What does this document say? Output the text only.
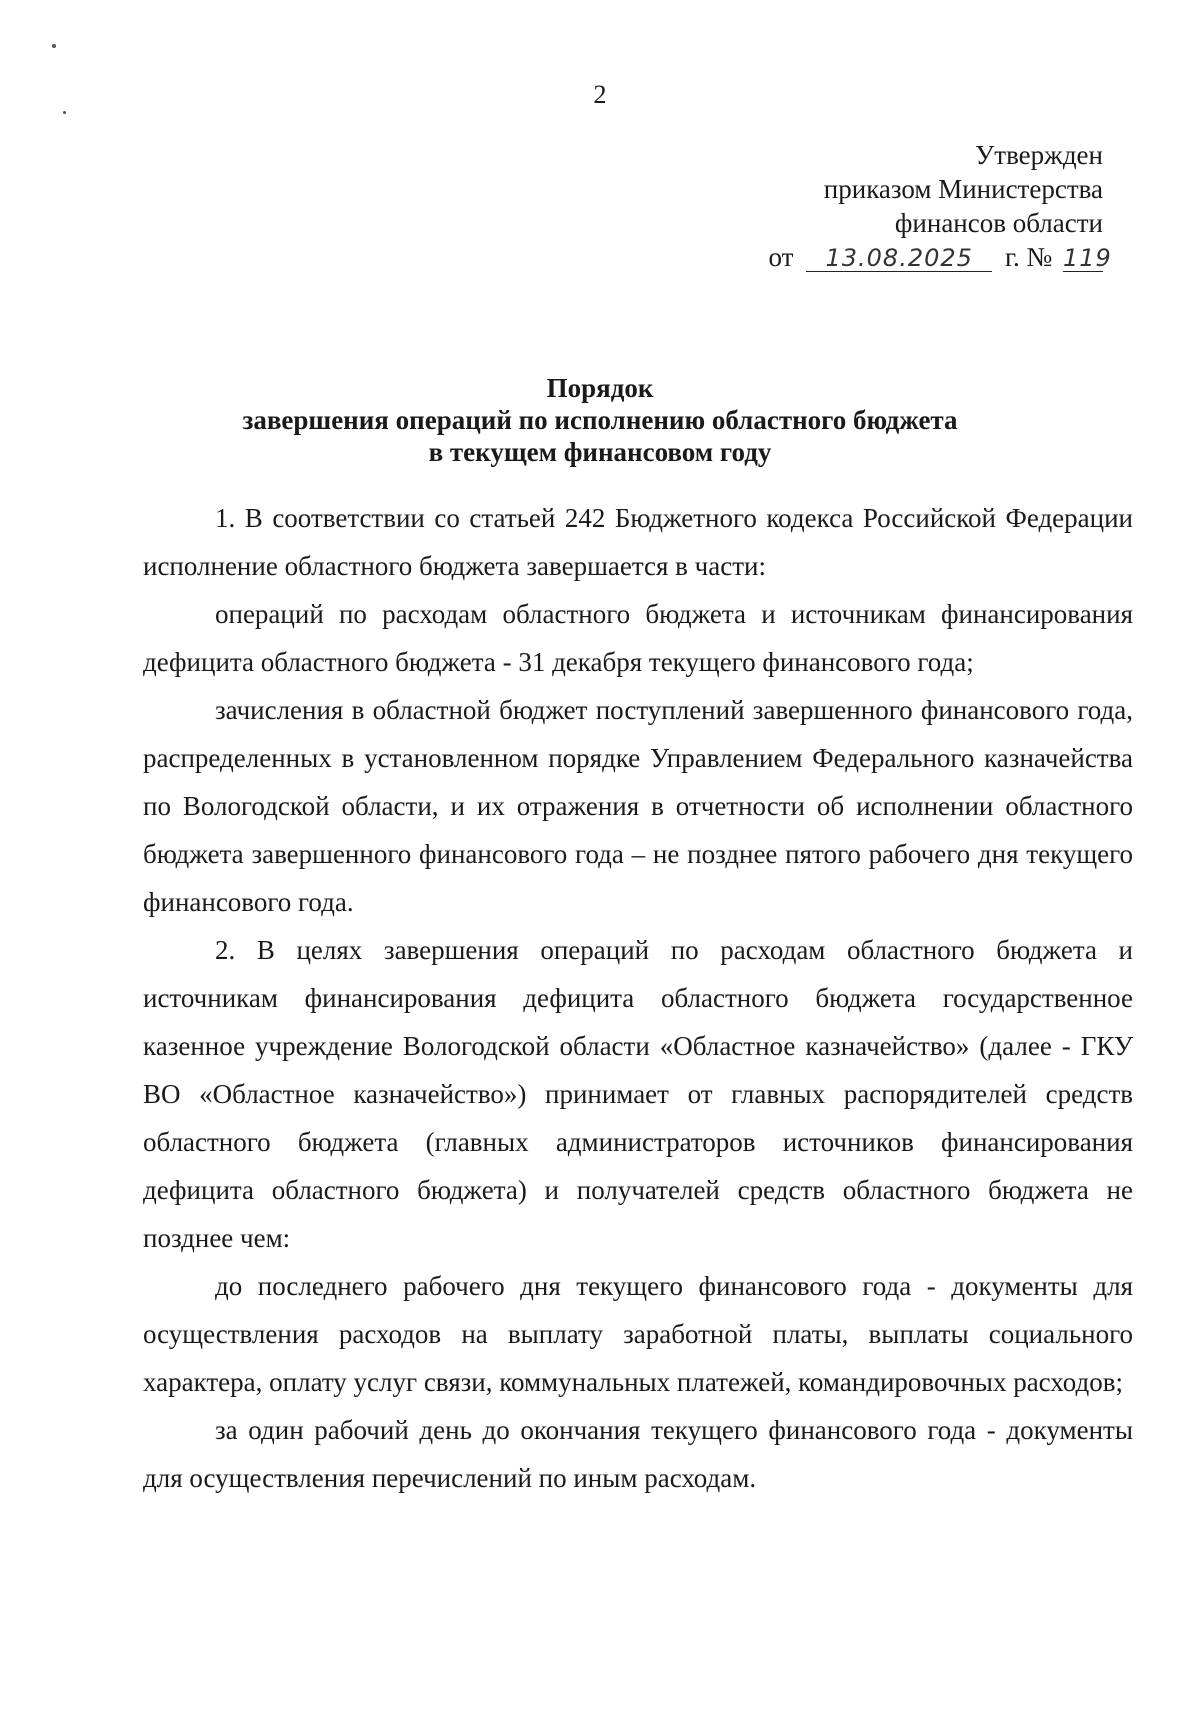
2
Утвержден
приказом Министерства
финансов области
от 13.08.2025 г. № 119
Порядок
завершения операций по исполнению областного бюджета
в текущем финансовом году

1. В соответствии со статьей 242 Бюджетного кодекса Российской Федерации исполнение областного бюджета завершается в части:

операций по расходам областного бюджета и источникам финансирования дефицита областного бюджета - 31 декабря текущего финансового года;

зачисления в областной бюджет поступлений завершенного финансового года, распределенных в установленном порядке Управлением Федерального казначейства по Вологодской области, и их отражения в отчетности об исполнении областного бюджета завершенного финансового года – не позднее пятого рабочего дня текущего финансового года.

2. В целях завершения операций по расходам областного бюджета и источникам финансирования дефицита областного бюджета государственное казенное учреждение Вологодской области «Областное казначейство» (далее - ГКУ ВО «Областное казначейство») принимает от главных распорядителей средств областного бюджета (главных администраторов источников финансирования дефицита областного бюджета) и получателей средств областного бюджета не позднее чем:

до последнего рабочего дня текущего финансового года - документы для осуществления расходов на выплату заработной платы, выплаты социального характера, оплату услуг связи, коммунальных платежей, командировочных расходов;

за один рабочий день до окончания текущего финансового года - документы для осуществления перечислений по иным расходам.
